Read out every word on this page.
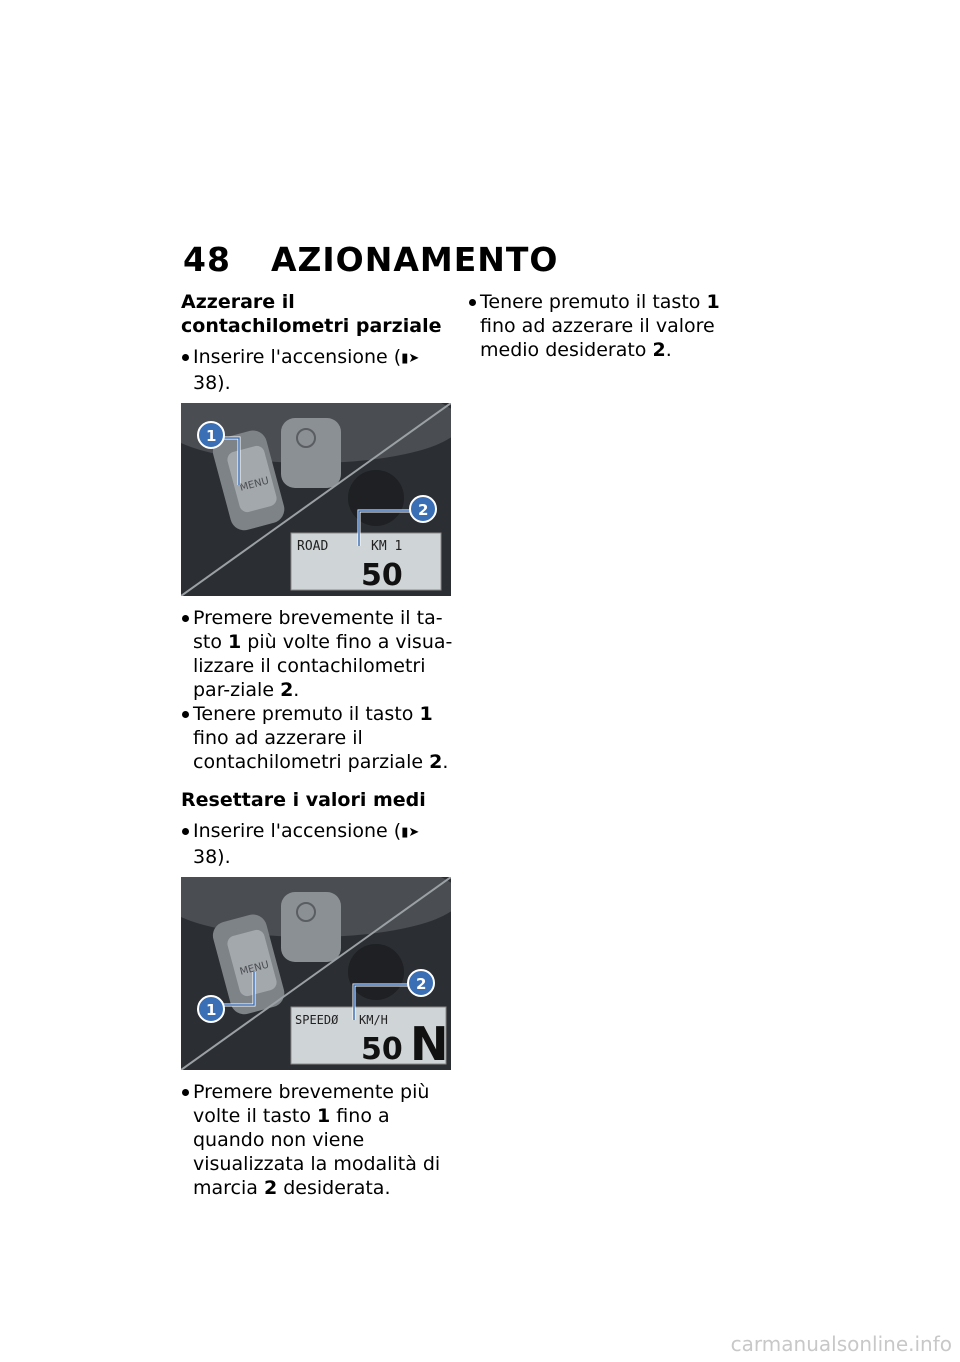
48 AZIONAMENTO
Azzerare il contachilometri parziale
Inserire l'accensione (▮➤ 38).
MENU
ROAD	KM 1
50
1
2
Premere brevemente il ta-sto 1 più volte fino a visua-lizzare il contachilometri par-ziale 2.
Tenere premuto il tasto 1 fino ad azzerare il contachilometri parziale 2.
Resettare i valori medi
Inserire l'accensione (▮➤ 38).
MENU
SPEEDØ KM/H
50 N
1
2
Premere brevemente più volte il tasto 1 fino a quando non viene visualizzata la modalità di marcia 2 desiderata.
Tenere premuto il tasto 1 fino ad azzerare il valore medio desiderato 2.
carmanualsonline.info
